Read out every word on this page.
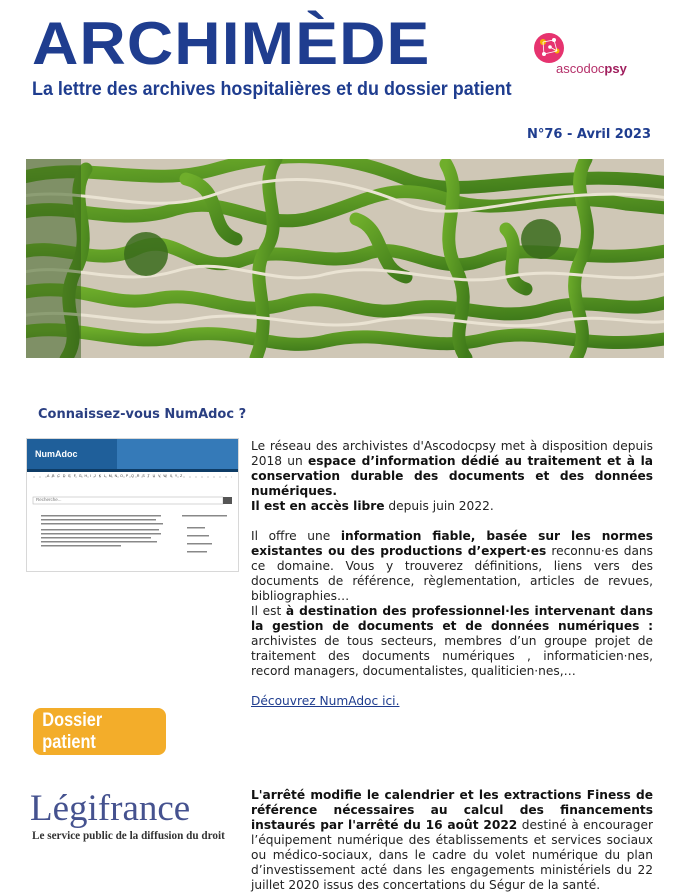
ARCHIMÈDE
La lettre des archives hospitalières et du dossier patient
ascodocpsy
N°76 - Avril 2023
Connaissez-vous NumAdoc ?
NumAdoc
A B C D E F G H I J K L M N O P Q R S T U V W X Y Z
Recherche...

Le réseau des archivistes d'Ascodocpsy met à disposition depuis 2018 un espace d’information dédié au traitement et à la conservation durable des documents et des données numériques.
Il est en accès libre depuis juin 2022.

Il offre une information fiable, basée sur les normes existantes ou des productions d’expert·es reconnu·es dans ce domaine. Vous y trouverez définitions, liens vers des documents de référence, règlementation, articles de revues, bibliographies…

Il est à destination des professionnel·les intervenant dans la gestion de documents et de données numériques : archivistes de tous secteurs, membres d’un groupe projet de traitement des documents numériques , informaticien·nes, record managers, documentalistes, qualiticien·nes,…

Découvrez NumAdoc ici.

Dossier patient
Légifrance
Le service public de la diffusion du droit

L'arrêté modifie le calendrier et les extractions Finess de référence nécessaires au calcul des financements instaurés par l'arrêté du 16 août 2022 destiné à encourager l’équipement numérique des établissements et services sociaux ou médico-sociaux, dans le cadre du volet numérique du plan d’investissement acté dans les engagements ministériels du 22 juillet 2020 issus des concertations du Ségur de la santé.
